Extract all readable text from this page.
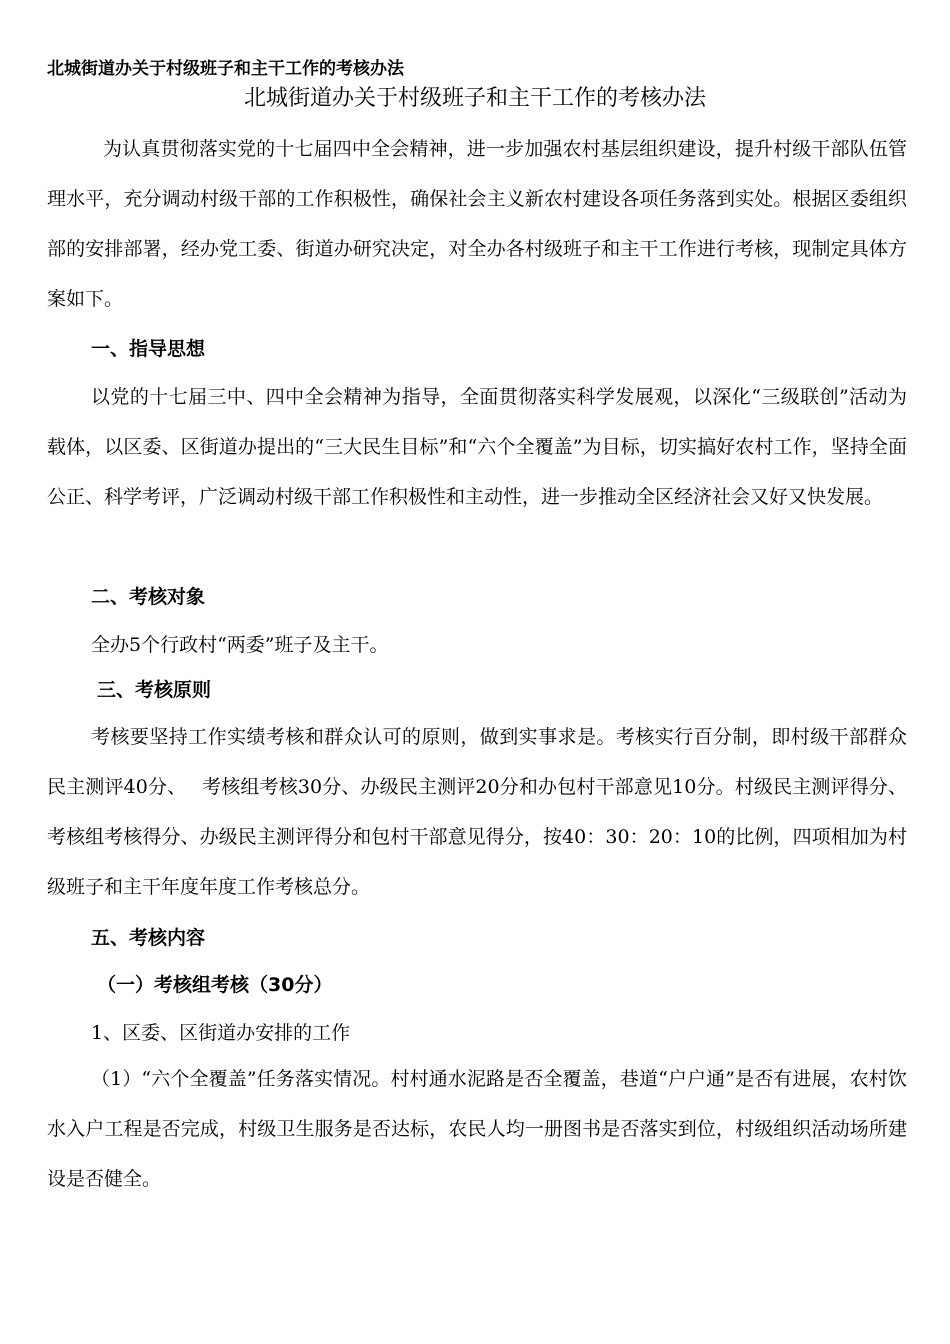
北城街道办关于村级班子和主干工作的考核办法
北城街道办关于村级班子和主干工作的考核办法

为认真贯彻落实党的十七届四中全会精神，进一步加强农村基层组织建设，提升村级干部队伍管理水平，充分调动村级干部的工作积极性，确保社会主义新农村建设各项任务落到实处。根据区委组织部的安排部署，经办党工委、街道办研究决定，对全办各村级班子和主干工作进行考核，现制定具体方案如下。

一、指导思想

以党的十七届三中、四中全会精神为指导，全面贯彻落实科学发展观，以深化“三级联创”活动为载体，以区委、区街道办提出的“三大民生目标”和“六个全覆盖”为目标，切实搞好农村工作，坚持全面公正、科学考评，广泛调动村级干部工作积极性和主动性，进一步推动全区经济社会又好又快发展。

二、考核对象

全办5个行政村“两委”班子及主干。

三、考核原则

考核要坚持工作实绩考核和群众认可的原则，做到实事求是。考核实行百分制，即村级干部群众民主测评40分、　 考核组考核30分、办级民主测评20分和办包村干部意见10分。村级民主测评得分、考核组考核得分、办级民主测评得分和包村干部意见得分，按40：30：20：10的比例，四项相加为村级班子和主干年度年度工作考核总分。

五、考核内容
（一）考核组考核（30分）

1、区委、区街道办安排的工作

（1）“六个全覆盖”任务落实情况。村村通水泥路是否全覆盖，巷道“户户通”是否有进展，农村饮水入户工程是否完成，村级卫生服务是否达标，农民人均一册图书是否落实到位，村级组织活动场所建设是否健全。
